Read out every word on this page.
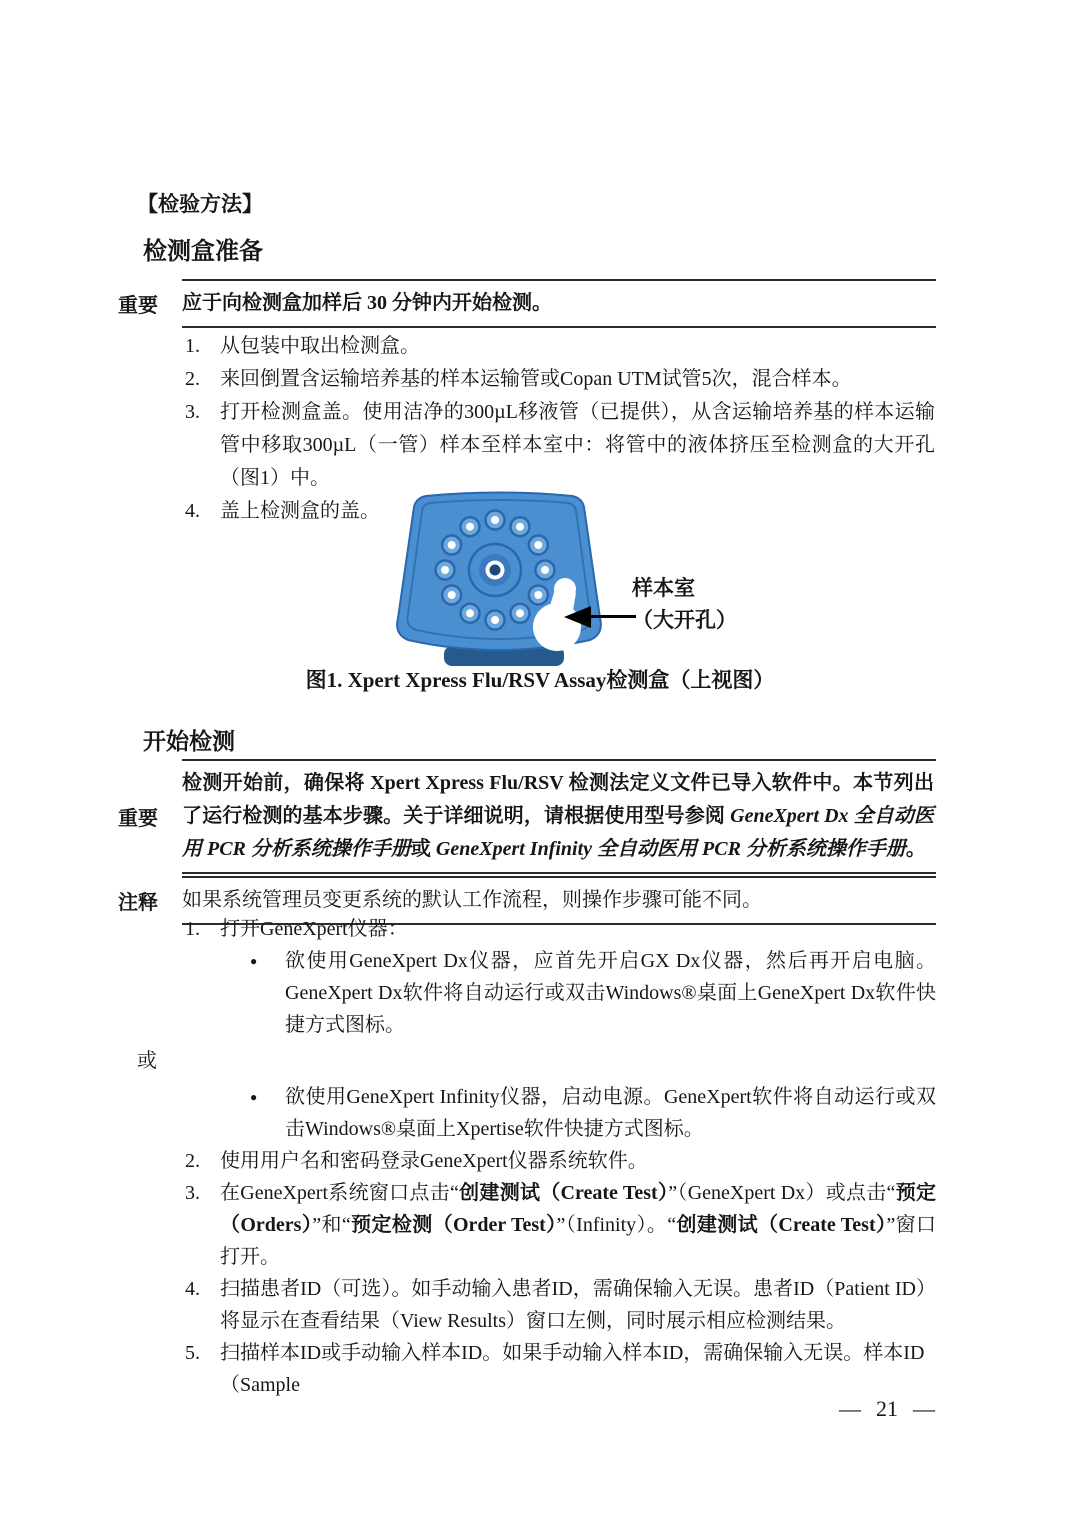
【检验方法】
检测盒准备
重要	应于向检测盒加样后 30 分钟内开始检测。
1.	从包装中取出检测盒。
2.	来回倒置含运输培养基的样本运输管或Copan UTM试管5次，混合样本。
3.	打开检测盒盖。使用洁净的300µL移液管（已提供），从含运输培养基的样本运输管中移取300µL（一管）样本至样本室中：将管中的液体挤压至检测盒的大开孔（图1）中。
4.	盖上检测盒的盖。
样本室
（大开孔）
图1. Xpert Xpress Flu/RSV Assay检测盒（上视图）
开始检测
重要
检测开始前，确保将 Xpert Xpress Flu/RSV 检测法定义文件已导入软件中。本节列出了运行检测的基本步骤。关于详细说明，请根据使用型号参阅 GeneXpert Dx 全自动医用 PCR 分析系统操作手册或 GeneXpert Infinity 全自动医用 PCR 分析系统操作手册。
注释	如果系统管理员变更系统的默认工作流程，则操作步骤可能不同。
1.	打开GeneXpert仪器：
●	欲使用GeneXpert Dx仪器，应首先开启GX Dx仪器，然后再开启电脑。GeneXpert Dx软件将自动运行或双击Windows®桌面上GeneXpert Dx软件快捷方式图标。
或
●	欲使用GeneXpert Infinity仪器，启动电源。GeneXpert软件将自动运行或双击Windows®桌面上Xpertise软件快捷方式图标。
2.	使用用户名和密码登录GeneXpert仪器系统软件。
3.	在GeneXpert系统窗口点击“创建测试（Create Test）”（GeneXpert Dx）或点击“预定（Orders）”和“预定检测（Order Test）”（Infinity）。“创建测试（Create Test）”窗口打开。
4.	扫描患者ID（可选）。如手动输入患者ID，需确保输入无误。患者ID（Patient ID）将显示在查看结果（View Results）窗口左侧，同时展示相应检测结果。
5.	扫描样本ID或手动输入样本ID。如果手动输入样本ID，需确保输入无误。样本ID（Sample
— 21 —
